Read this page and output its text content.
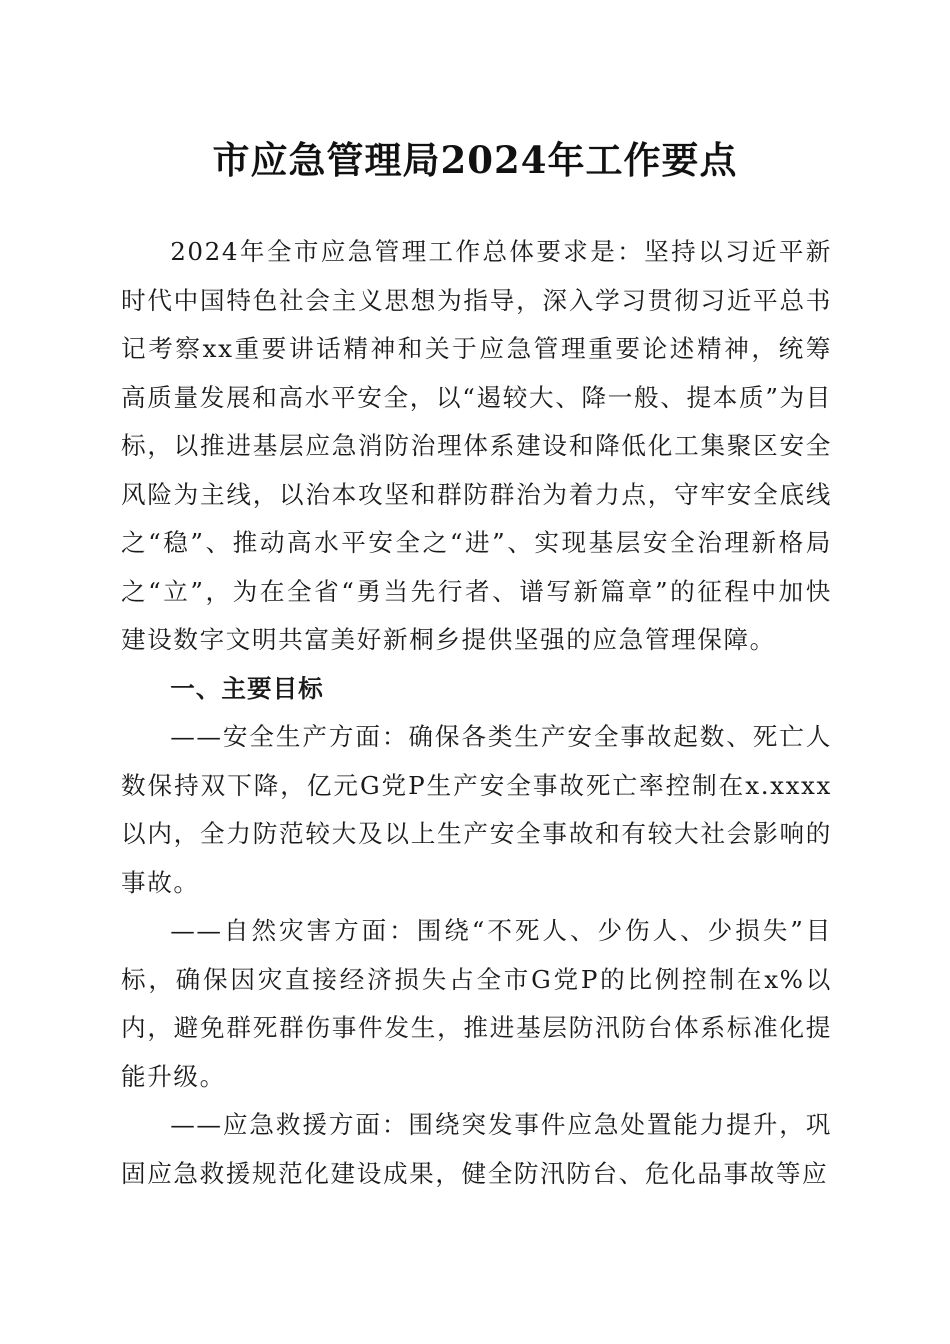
市应急管理局2024年工作要点

2024年全市应急管理工作总体要求是：坚持以习近平新时代中国特色社会主义思想为指导，深入学习贯彻习近平总书记考察xx重要讲话精神和关于应急管理重要论述精神，统筹高质量发展和高水平安全，以“遏较大、降一般、提本质”为目标，以推进基层应急消防治理体系建设和降低化工集聚区安全风险为主线，以治本攻坚和群防群治为着力点，守牢安全底线之“稳”、推动高水平安全之“进”、实现基层安全治理新格局之“立”，为在全省“勇当先行者、谱写新篇章”的征程中加快建设数字文明共富美好新桐乡提供坚强的应急管理保障。

一、主要目标

——安全生产方面：确保各类生产安全事故起数、死亡人数保持双下降，亿元G党P生产安全事故死亡率控制在x.xxxx以内，全力防范较大及以上生产安全事故和有较大社会影响的事故。

——自然灾害方面：围绕“不死人、少伤人、少损失”目标，确保因灾直接经济损失占全市G党P的比例控制在x%以内，避免群死群伤事件发生，推进基层防汛防台体系标准化提能升级。

——应急救援方面：围绕突发事件应急处置能力提升，巩固应急救援规范化建设成果，健全防汛防台、危化品事故等应
